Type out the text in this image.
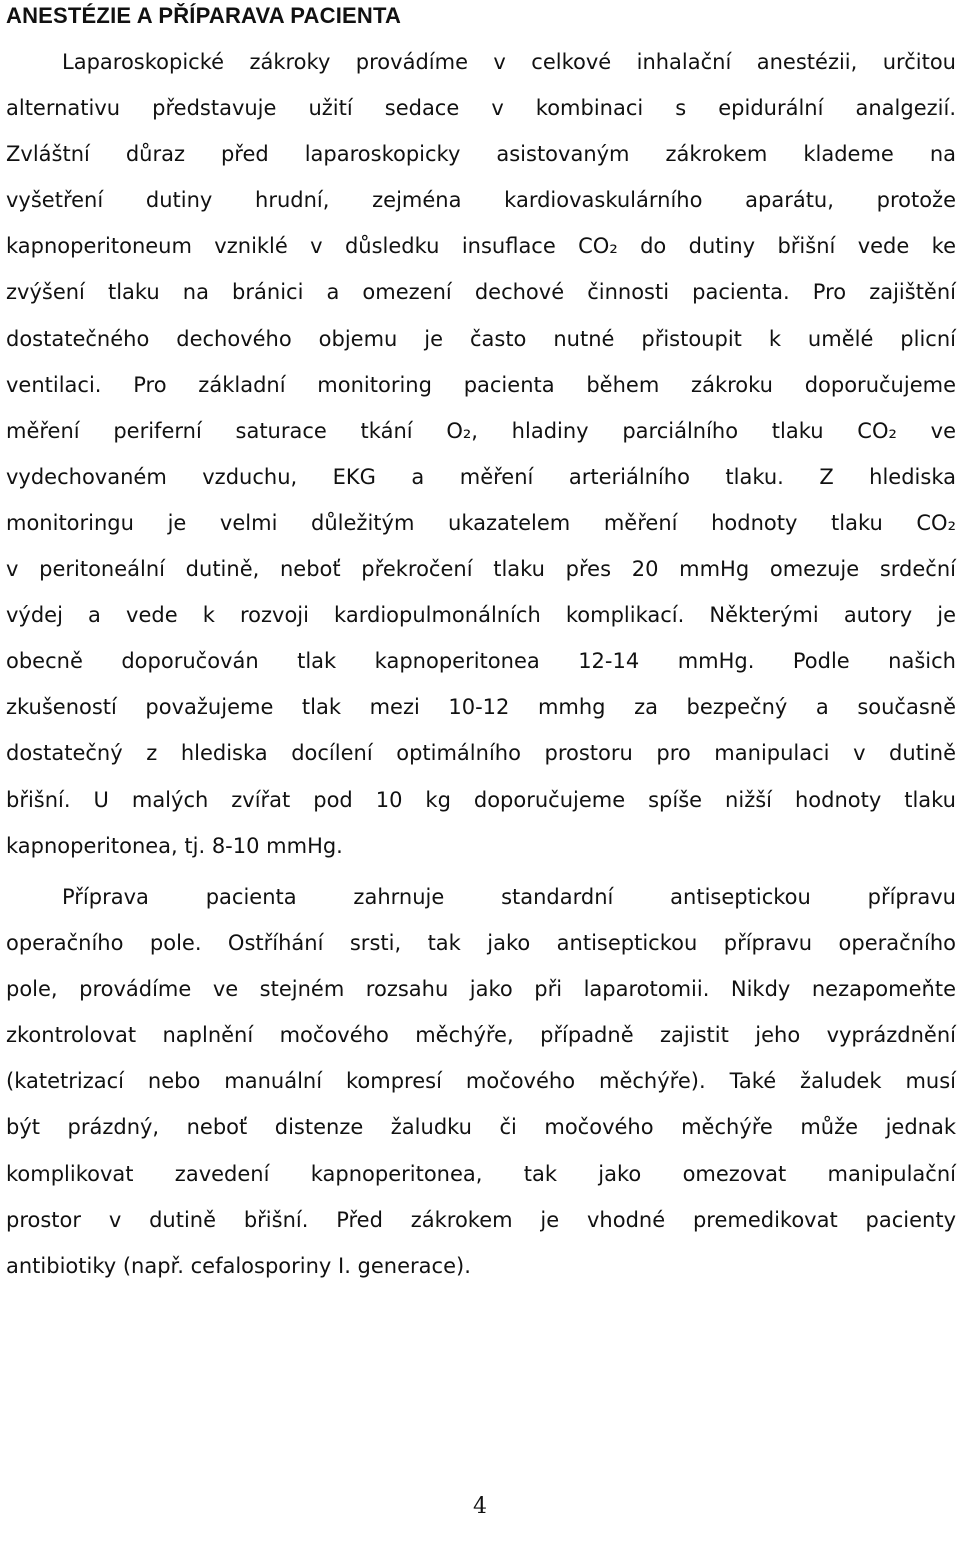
ANESTÉZIE A PŘÍPARAVA PACIENTA

Laparoskopické zákroky provádíme v celkové inhalační anestézii, určitou
alternativu představuje užití sedace v kombinaci s epidurální analgezií.
Zvláštní důraz před laparoskopicky asistovaným zákrokem klademe na
vyšetření dutiny hrudní, zejména kardiovaskulárního aparátu, protože
kapnoperitoneum vzniklé v důsledku insuflace CO₂ do dutiny břišní vede ke
zvýšení tlaku na bránici a omezení dechové činnosti pacienta. Pro zajištění
dostatečného dechového objemu je často nutné přistoupit k umělé plicní
ventilaci. Pro základní monitoring pacienta během zákroku doporučujeme
měření periferní saturace tkání O₂, hladiny parciálního tlaku CO₂ ve
vydechovaném vzduchu, EKG a měření arteriálního tlaku. Z hlediska
monitoringu je velmi důležitým ukazatelem měření hodnoty tlaku CO₂
v peritoneální dutině, neboť překročení tlaku přes 20 mmHg omezuje srdeční
výdej a vede k rozvoji kardiopulmonálních komplikací. Některými autory je
obecně doporučován tlak kapnoperitonea 12-14 mmHg. Podle našich
zkušeností považujeme tlak mezi 10-12 mmhg za bezpečný a současně
dostatečný z hlediska docílení optimálního prostoru pro manipulaci v dutině
břišní. U malých zvířat pod 10 kg doporučujeme spíše nižší hodnoty tlaku
kapnoperitonea, tj. 8-10 mmHg.

Příprava pacienta zahrnuje standardní antiseptickou přípravu
operačního pole. Ostříhání srsti, tak jako antiseptickou přípravu operačního
pole, provádíme ve stejném rozsahu jako při laparotomii. Nikdy nezapomeňte
zkontrolovat naplnění močového měchýře, případně zajistit jeho vyprázdnění
(katetrizací nebo manuální kompresí močového měchýře). Také žaludek musí
být prázdný, neboť distenze žaludku či močového měchýře může jednak
komplikovat zavedení kapnoperitonea, tak jako omezovat manipulační
prostor v dutině břišní. Před zákrokem je vhodné premedikovat pacienty
antibiotiky (např. cefalosporiny I. generace).

4
